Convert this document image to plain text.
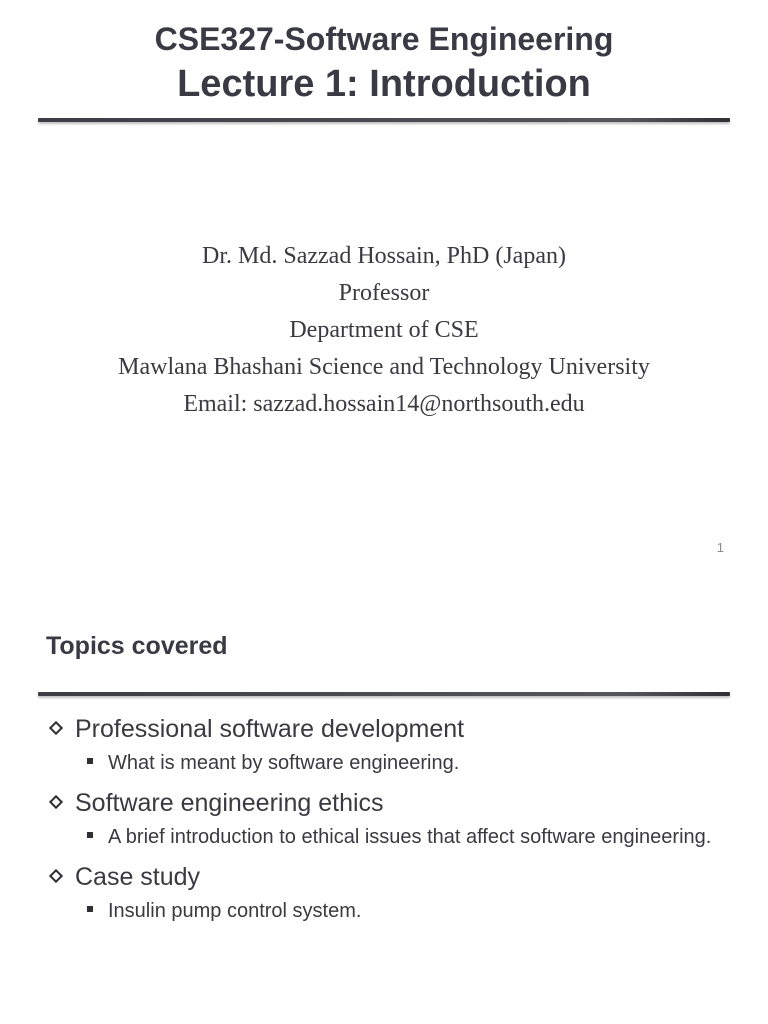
CSE327-Software Engineering
Lecture 1: Introduction
Dr. Md. Sazzad Hossain, PhD (Japan)
Professor
Department of CSE
Mawlana Bhashani Science and Technology University
Email: sazzad.hossain14@northsouth.edu
1
Topics covered
Professional software development
What is meant by software engineering.
Software engineering ethics
A brief introduction to ethical issues that affect software engineering.
Case study
Insulin pump control system.
